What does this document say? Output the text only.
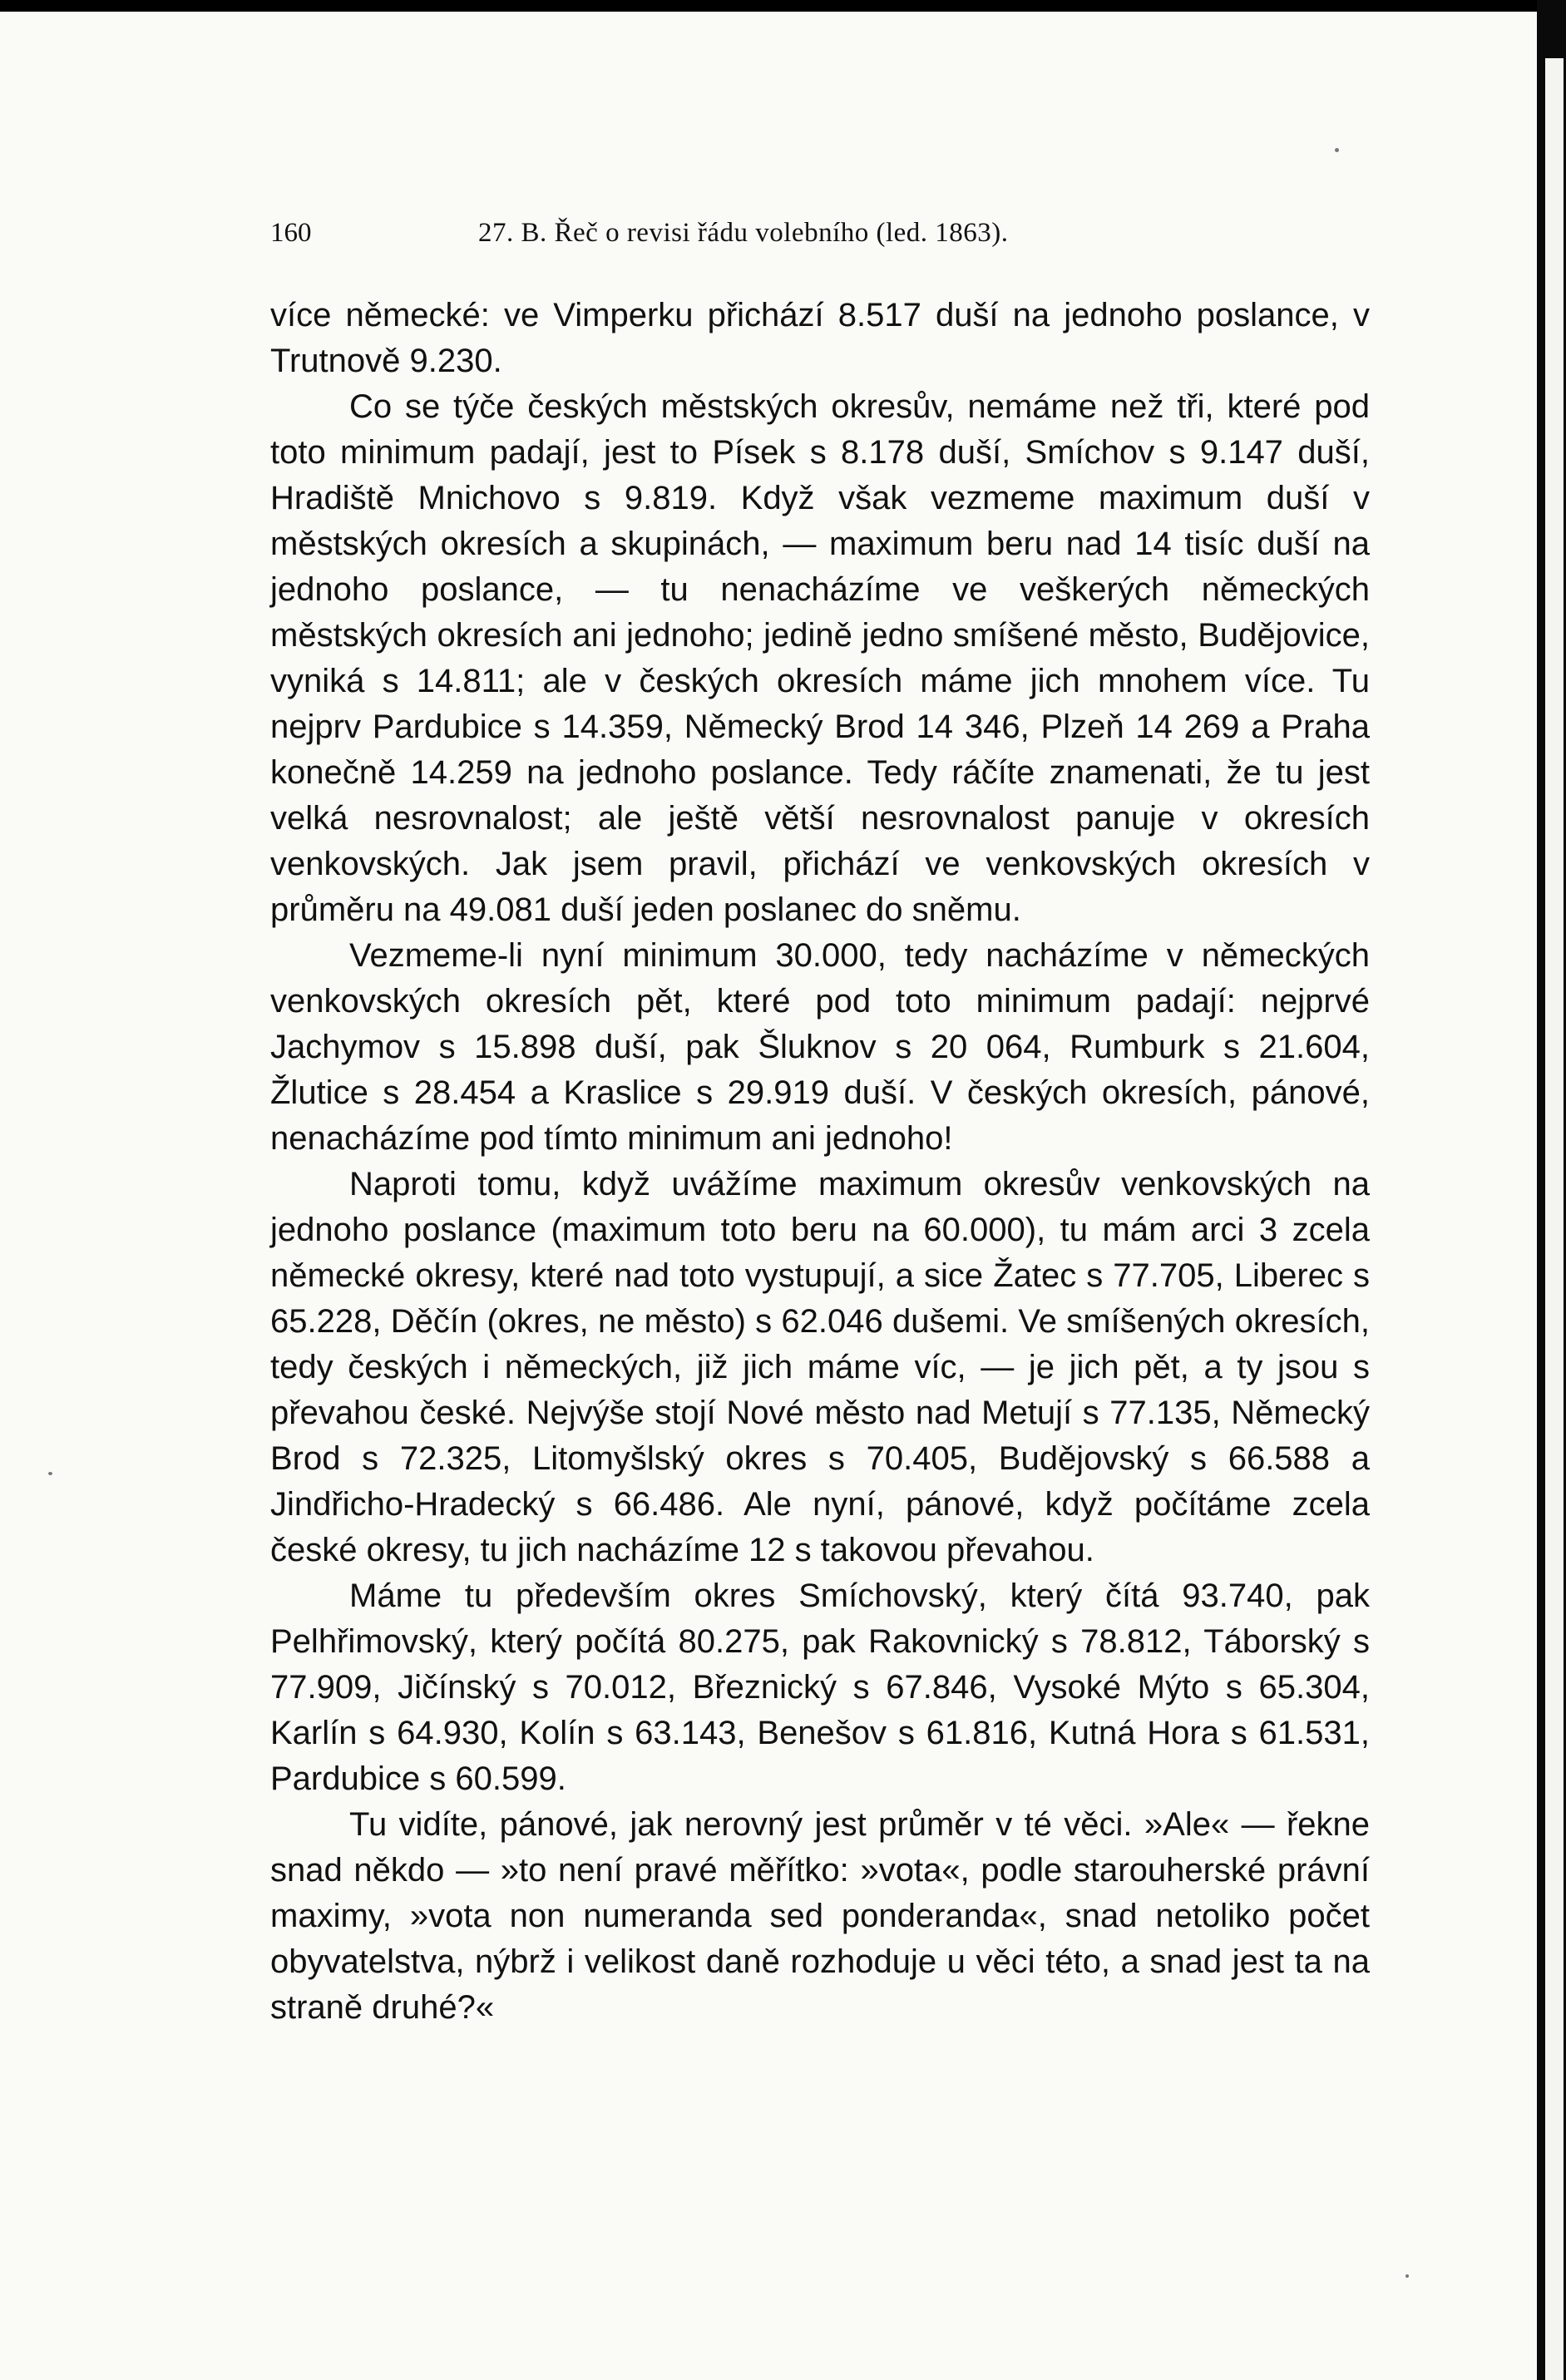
160	27. B. Řeč o revisi řádu volebního (led. 1863).

více německé: ve Vimperku přichází 8.517 duší na jednoho poslance, v Trutnově 9.230.

Co se týče českých městských okresův, nemáme než tři, které pod toto minimum padají, jest to Písek s 8.178 duší, Smíchov s 9.147 duší, Hradiště Mnichovo s 9.819. Když však vezmeme maximum duší v městských okresích a skupinách, — maximum beru nad 14 tisíc duší na jednoho poslance, — tu nenacházíme ve veškerých německých městských okresích ani jednoho; jedině jedno smíšené město, Budějovice, vyniká s 14.811; ale v českých okresích máme jich mnohem více. Tu nejprv Pardubice s 14.359, Německý Brod 14 346, Plzeň 14 269 a Praha konečně 14.259 na jednoho poslance. Tedy ráčíte znamenati, že tu jest velká nesrovnalost; ale ještě větší nesrovnalost panuje v okresích venkovských. Jak jsem pravil, přichází ve venkovských okresích v průměru na 49.081 duší jeden poslanec do sněmu.

Vezmeme-li nyní minimum 30.000, tedy nacházíme v německých venkovských okresích pět, které pod toto minimum padají: nejprvé Jachymov s 15.898 duší, pak Šluknov s 20 064, Rumburk s 21.604, Žlutice s 28.454 a Kraslice s 29.919 duší. V českých okresích, pánové, nenacházíme pod tímto minimum ani jednoho!

Naproti tomu, když uvážíme maximum okresův venkovských na jednoho poslance (maximum toto beru na 60.000), tu mám arci 3 zcela německé okresy, které nad toto vystupují, a sice Žatec s 77.705, Liberec s 65.228, Děčín (okres, ne město) s 62.046 dušemi. Ve smíšených okresích, tedy českých i německých, již jich máme víc, — je jich pět, a ty jsou s převahou české. Nejvýše stojí Nové město nad Metují s 77.135, Německý Brod s 72.325, Litomyšlský okres s 70.405, Budějovský s 66.588 a Jindřicho-Hradecký s 66.486. Ale nyní, pánové, když počítáme zcela české okresy, tu jich nacházíme 12 s takovou převahou.

Máme tu především okres Smíchovský, který čítá 93.740, pak Pelhřimovský, který počítá 80.275, pak Rakovnický s 78.812, Táborský s 77.909, Jičínský s 70.012, Březnický s 67.846, Vysoké Mýto s 65.304, Karlín s 64.930, Kolín s 63.143, Benešov s 61.816, Kutná Hora s 61.531, Pardubice s 60.599.

Tu vidíte, pánové, jak nerovný jest průměr v té věci. »Ale« — řekne snad někdo — »to není pravé měřítko: »vota«, podle starouherské právní maximy, »vota non numeranda sed ponderanda«, snad netoliko počet obyvatelstva, nýbrž i velikost daně rozhoduje u věci této, a snad jest ta na straně druhé?«
